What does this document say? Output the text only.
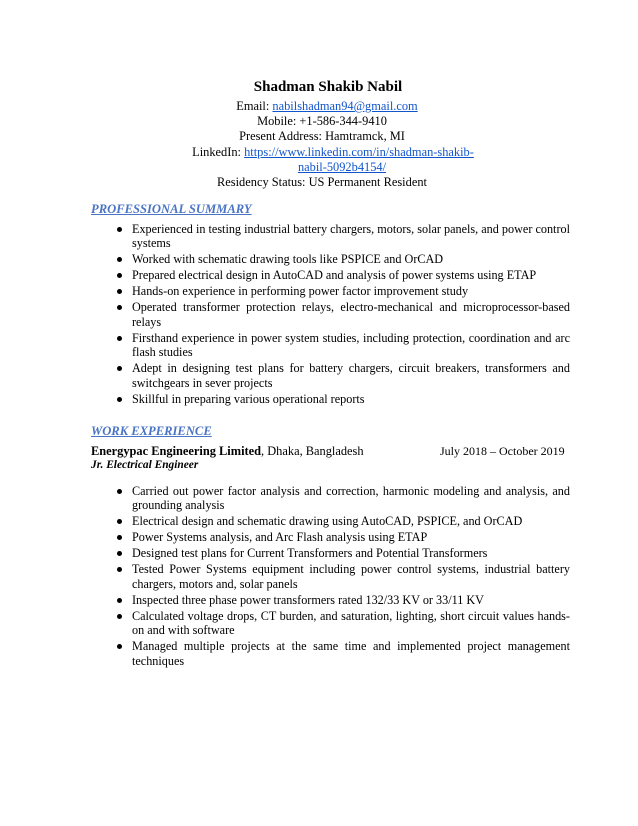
Shadman Shakib Nabil
Email: nabilshadman94@gmail.com
Mobile: +1-586-344-9410
Present Address: Hamtramck, MI
LinkedIn: https://www.linkedin.com/in/shadman-shakib-
nabil-5092b4154/
Residency Status: US Permanent Resident
PROFESSIONAL SUMMARY
Experienced in testing industrial battery chargers, motors, solar panels, and power control systems
Worked with schematic drawing tools like PSPICE and OrCAD
Prepared electrical design in AutoCAD and analysis of power systems using ETAP
Hands-on experience in performing power factor improvement study
Operated transformer protection relays, electro-mechanical and microprocessor-based relays
Firsthand experience in power system studies, including protection, coordination and arc flash studies
Adept in designing test plans for battery chargers, circuit breakers, transformers and switchgears in sever projects
Skillful in preparing various operational reports
WORK EXPERIENCE
Energypac Engineering Limited, Dhaka, Bangladesh	July 2018 – October 2019
Jr. Electrical Engineer
Carried out power factor analysis and correction, harmonic modeling and analysis, and grounding analysis
Electrical design and schematic drawing using AutoCAD, PSPICE, and OrCAD
Power Systems analysis, and Arc Flash analysis using ETAP
Designed test plans for Current Transformers and Potential Transformers
Tested Power Systems equipment including power control systems, industrial battery chargers, motors and, solar panels
Inspected three phase power transformers rated 132/33 KV or 33/11 KV
Calculated voltage drops, CT burden, and saturation, lighting, short circuit values hands-on and with software
Managed multiple projects at the same time and implemented project management techniques
